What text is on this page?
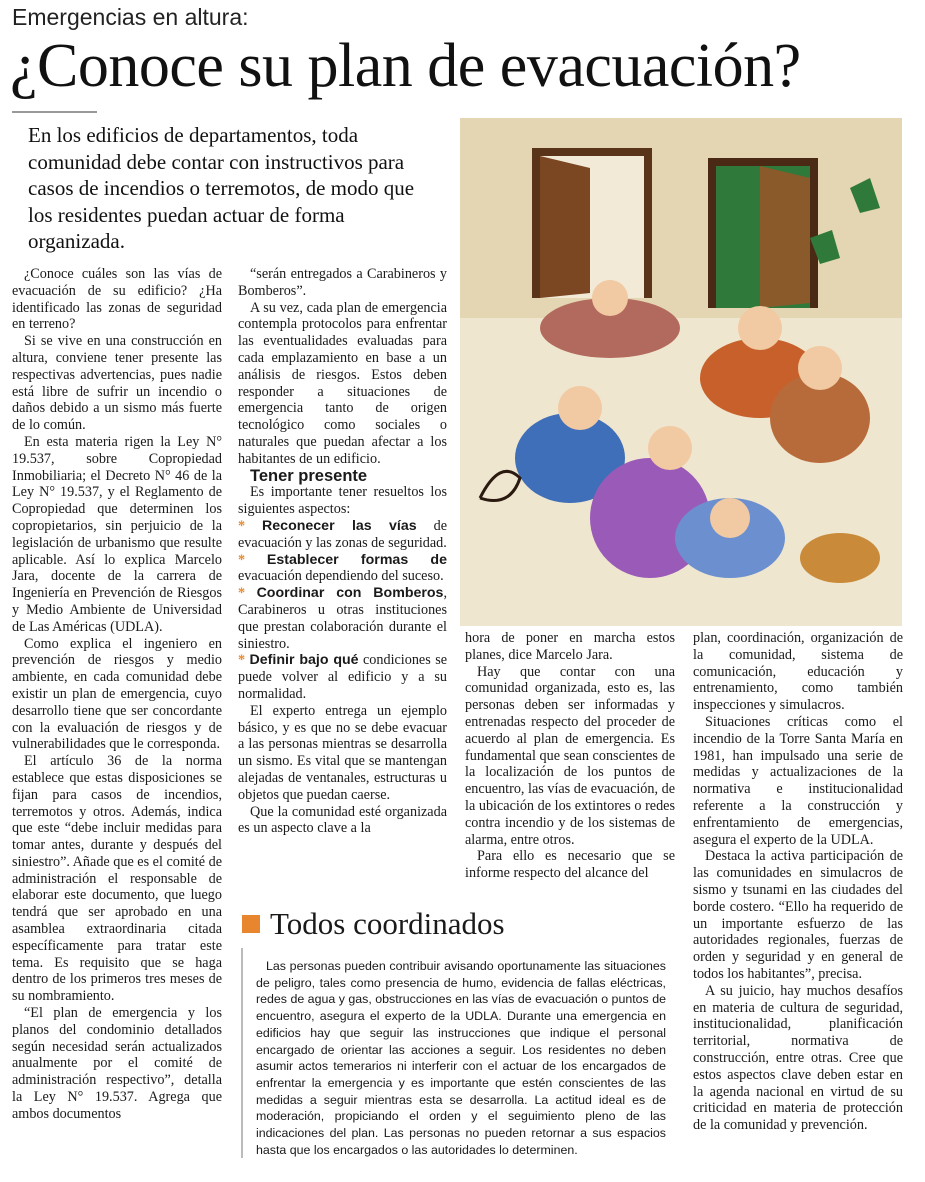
Emergencias en altura:
¿Conoce su plan de evacuación?
En los edificios de departamentos, toda comunidad debe contar con instructivos para casos de incendios o terremotos, de modo que los residentes puedan actuar de forma organizada.

¿Conoce cuáles son las vías de evacuación de su edificio? ¿Ha identificado las zonas de seguridad en terreno?

Si se vive en una construcción en altura, conviene tener presente las respectivas advertencias, pues nadie está libre de sufrir un incendio o daños debido a un sismo más fuerte de lo común.

En esta materia rigen la Ley N° 19.537, sobre Copropiedad Inmobiliaria; el Decreto N° 46 de la Ley N° 19.537, y el Reglamento de Copropiedad que determinen los copropietarios, sin perjuicio de la legislación de urbanismo que resulte aplicable. Así lo explica Marcelo Jara, docente de la carrera de Ingeniería en Prevención de Riesgos y Medio Ambiente de Universidad de Las Américas (UDLA).

Como explica el ingeniero en prevención de riesgos y medio ambiente, en cada comunidad debe existir un plan de emergencia, cuyo desarrollo tiene que ser concordante con la evaluación de riesgos y de vulnerabilidades que le corresponda.

El artículo 36 de la norma establece que estas disposiciones se fijan para casos de incendios, terremotos y otros. Además, indica que este “debe incluir medidas para tomar antes, durante y después del siniestro”. Añade que es el comité de administración el responsable de elaborar este documento, que luego tendrá que ser aprobado en una asamblea extraordinaria citada específicamente para tratar este tema. Es requisito que se haga dentro de los primeros tres meses de su nombramiento.

“El plan de emergencia y los planos del condominio detallados según necesidad serán actualizados anualmente por el comité de administración respectivo”, detalla la Ley N° 19.537. Agrega que ambos documentos

“serán entregados a Carabineros y Bomberos”.

A su vez, cada plan de emergencia contempla protocolos para enfrentar las eventualidades evaluadas para cada emplazamiento en base a un análisis de riesgos. Estos deben responder a situaciones de emergencia tanto de origen tecnológico como sociales o naturales que puedan afectar a los habitantes de un edificio.

Tener presente

Es importante tener resueltos los siguientes aspectos:

* Reconecer las vías de evacuación y las zonas de seguridad.

* Establecer formas de evacuación dependiendo del suceso.

* Coordinar con Bomberos, Carabineros u otras instituciones que prestan colaboración durante el siniestro.

* Definir bajo qué condiciones se puede volver al edificio y a su normalidad.

El experto entrega un ejemplo básico, y es que no se debe evacuar a las personas mientras se desarrolla un sismo. Es vital que se mantengan alejadas de ventanales, estructuras u objetos que puedan caerse.

Que la comunidad esté organizada es un aspecto clave a la

hora de poner en marcha estos planes, dice Marcelo Jara.

Hay que contar con una comunidad organizada, esto es, las personas deben ser informadas y entrenadas respecto del proceder de acuerdo al plan de emergencia. Es fundamental que sean conscientes de la localización de los puntos de encuentro, las vías de evacuación, de la ubicación de los extintores o redes contra incendio y de los sistemas de alarma, entre otros.

Para ello es necesario que se informe respecto del alcance del

plan, coordinación, organización de la comunidad, sistema de comunicación, educación y entrenamiento, como también inspecciones y simulacros.

Situaciones críticas como el incendio de la Torre Santa María en 1981, han impulsado una serie de medidas y actualizaciones de la normativa e institucionalidad referente a la construcción y enfrentamiento de emergencias, asegura el experto de la UDLA.

Destaca la activa participación de las comunidades en simulacros de sismo y tsunami en las ciudades del borde costero. “Ello ha requerido de un importante esfuerzo de las autoridades regionales, fuerzas de orden y seguridad y en general de todos los habitantes”, precisa.

A su juicio, hay muchos desafíos en materia de cultura de seguridad, institucionalidad, planificación territorial, normativa de construcción, entre otras. Cree que estos aspectos clave deben estar en la agenda nacional en virtud de su criticidad en materia de protección de la comunidad y prevención.

Todos coordinados
Las personas pueden contribuir avisando oportunamente las situaciones de peligro, tales como presencia de humo, evidencia de fallas eléctricas, redes de agua y gas, obstrucciones en las vías de evacuación o puntos de encuentro, asegura el experto de la UDLA. Durante una emergencia en edificios hay que seguir las instrucciones que indique el personal encargado de orientar las acciones a seguir. Los residentes no deben asumir actos temerarios ni interferir con el actuar de los encargados de enfrentar la emergencia y es importante que estén conscientes de las medidas a seguir mientras esta se desarrolla. La actitud ideal es de moderación, propiciando el orden y el seguimiento pleno de las indicaciones del plan. Las personas no pueden retornar a sus espacios hasta que los encargados o las autoridades lo determinen.
